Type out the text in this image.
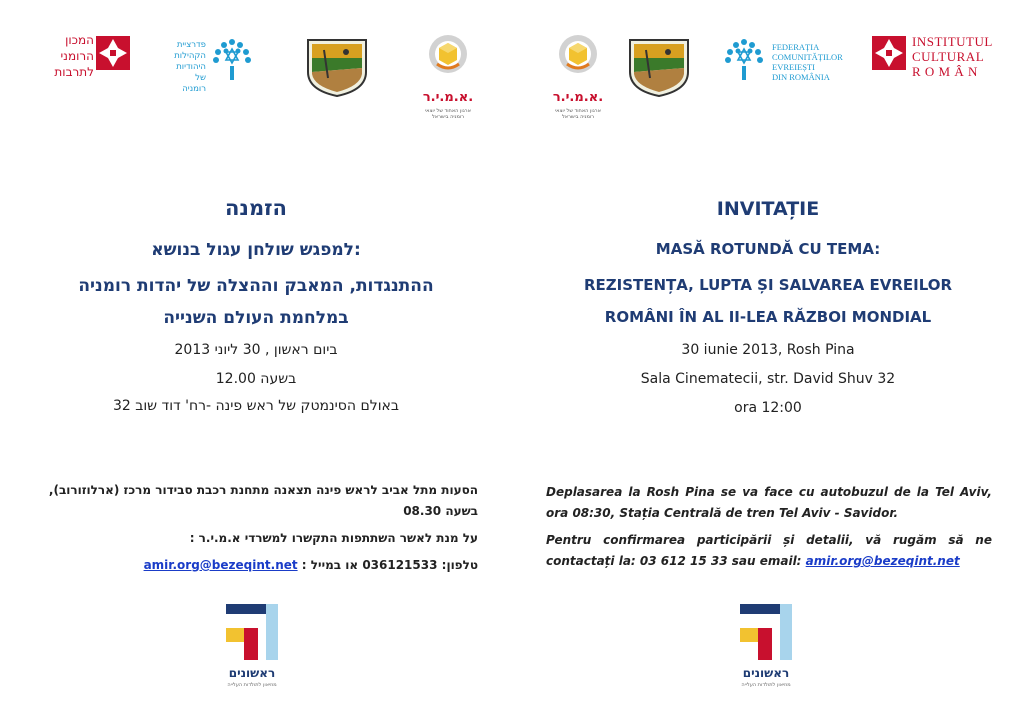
המכון
הרומני
לתרבות
פדרציית
הקהילות
היהודיות
של רומניה
א.מ.י.ר.
ארגון האחוד של יוצאי רומניה בישראל
הזמנה
למפגש שולחן עגול בנושא:
ההתנגדות, המאבק וההצלה של יהדות רומניה
במלחמת העולם השנייה
ביום ראשון , 30 ליוני 2013
בשעה 12.00
באולם הסינמטק של ראש פינה -רח' דוד שוב 32
הסעות מתל אביב לראש פינה תצאנה מתחנת רכבת סבידור מרכז (ארלוזורוב),
בשעה 08.30
על מנת לאשר השתתפות התקשרו למשרדי א.מ.י.ר :
טלפון: 036121533 או במייל : amir.org@bezeqint.net
ראשונים
מוזיאון לתולדות העלייה
א.מ.י.ר.
ארגון האחוד של יוצאי רומניה בישראל
FEDERAȚIA
COMUNITĂȚILOR
EVREIEȘTI
DIN ROMÂNIA
INSTITUTUL
CULTURAL
R O M Â N
INVITAȚIE
MASĂ ROTUNDĂ CU TEMA:
REZISTENȚA, LUPTA ȘI SALVAREA EVREILOR
ROMÂNI ÎN AL II-LEA RĂZBOI MONDIAL
30 iunie 2013, Rosh Pina
Sala Cinematecii, str. David Shuv 32
ora 12:00
Deplasarea la Rosh Pina se va face cu autobuzul de la Tel Aviv, ora 08:30, Stația Centrală de tren Tel Aviv - Savidor.
Pentru confirmarea participării și detalii, vă rugăm să ne contactați la: 03 612 15 33 sau email: amir.org@bezeqint.net
ראשונים
מוזיאון לתולדות העלייה
